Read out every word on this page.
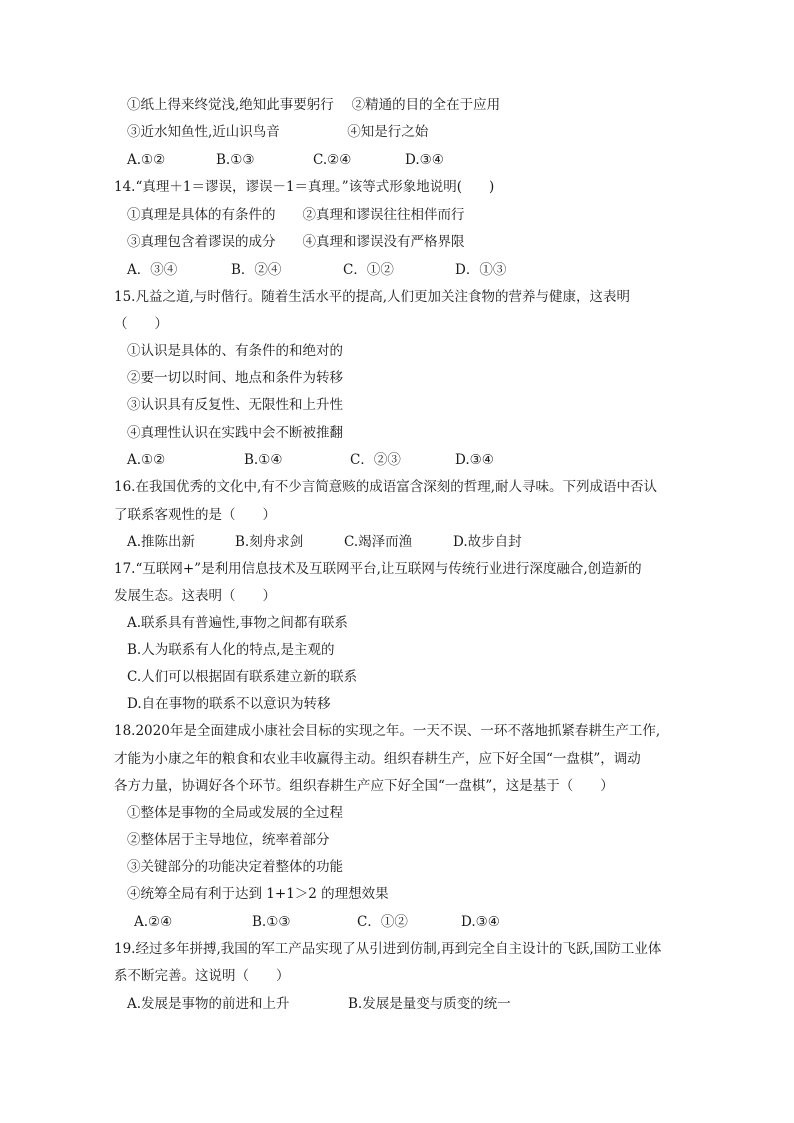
①纸上得来终觉浅,绝知此事要躬行　 ②精通的目的全在于应用
③近水知鱼性,近山识鸟音　　　　　④知是行之始
A.①②	B.①③	C.②④	D.③④
14.“真理＋1＝谬误，谬误－1＝真理。”该等式形象地说明(　　)
①真理是具体的有条件的　　②真理和谬误往往相伴而行
③真理包含着谬误的成分　　④真理和谬误没有严格界限
A．③④	B．②④	C．①②	D．①③
15.凡益之道,与时偕行。随着生活水平的提高,人们更加关注食物的营养与健康，这表明
（　　）
①认识是具体的、有条件的和绝对的
②要一切以时间、地点和条件为转移
③认识具有反复性、无限性和上升性
④真理性认识在实践中会不断被推翻
A.①②	B.①④	C．②③	D.③④
16.在我国优秀的文化中,有不少言简意赅的成语富含深刻的哲理,耐人寻味。下列成语中否认
了联系客观性的是（　　）
A.推陈出新	B.刻舟求剑	C.竭泽而渔	D.故步自封
17.“互联网+”是利用信息技术及互联网平台,让互联网与传统行业进行深度融合,创造新的
发展生态。这表明（　　）
A.联系具有普遍性,事物之间都有联系
B.人为联系有人化的特点,是主观的
C.人们可以根据固有联系建立新的联系
D.自在事物的联系不以意识为转移
18.2020年是全面建成小康社会目标的实现之年。一天不误、一环不落地抓紧春耕生产工作,
才能为小康之年的粮食和农业丰收赢得主动。组织春耕生产，应下好全国“一盘棋”，调动
各方力量，协调好各个环节。组织春耕生产应下好全国“一盘棋”，这是基于（　　）
①整体是事物的全局或发展的全过程
②整体居于主导地位，统率着部分
③关键部分的功能决定着整体的功能
④统筹全局有利于达到 1+1＞2 的理想效果
A.②④	B.①③	C．①②	D.③④
19.经过多年拼搏,我国的军工产品实现了从引进到仿制,再到完全自主设计的飞跃,国防工业体
系不断完善。这说明（　　）
A.发展是事物的前进和上升	B.发展是量变与质变的统一
